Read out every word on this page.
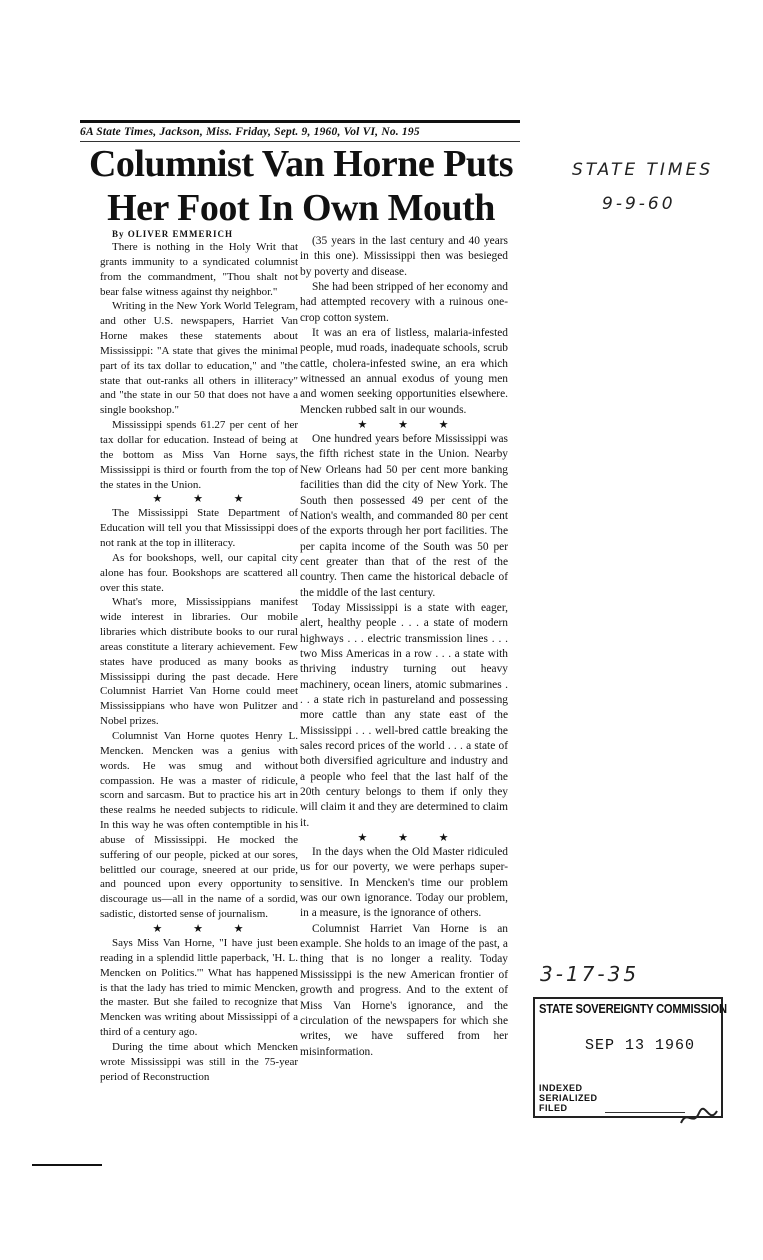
6A State Times, Jackson, Miss. Friday, Sept. 9, 1960, Vol VI, No. 195
Columnist Van Horne Puts
Her Foot In Own Mouth

By OLIVER EMMERICH

There is nothing in the Holy Writ that grants immunity to a syndicated columnist from the commandment, "Thou shalt not bear false witness against thy neighbor."

Writing in the New York World Telegram, and other U.S. newspapers, Harriet Van Horne makes these statements about Mississippi: "A state that gives the minimal part of its tax dollar to education," and "the state that out-ranks all others in illiteracy" and "the state in our 50 that does not have a single bookshop."

Mississippi spends 61.27 per cent of her tax dollar for education. Instead of being at the bottom as Miss Van Horne says, Mississippi is third or fourth from the top of the states in the Union.

★ ★ ★

The Mississippi State Department of Education will tell you that Mississippi does not rank at the top in illiteracy.

As for bookshops, well, our capital city alone has four. Bookshops are scattered all over this state.

What's more, Mississippians manifest wide interest in libraries. Our mobile libraries which distribute books to our rural areas constitute a literary achievement. Few states have produced as many books as Mississippi during the past decade. Here Columnist Harriet Van Horne could meet Mississippians who have won Pulitzer and Nobel prizes.

Columnist Van Horne quotes Henry L. Mencken. Mencken was a genius with words. He was smug and without compassion. He was a master of ridicule, scorn and sarcasm. But to practice his art in these realms he needed subjects to ridicule. In this way he was often contemptible in his abuse of Mississippi. He mocked the suffering of our people, picked at our sores, belittled our courage, sneered at our pride, and pounced upon every opportunity to discourage us—all in the name of a sordid, sadistic, distorted sense of journalism.

★ ★ ★

Says Miss Van Horne, "I have just been reading in a splendid little paperback, 'H. L. Mencken on Politics.'" What has happened is that the lady has tried to mimic Mencken, the master. But she failed to recognize that Mencken was writing about Mississippi of a third of a century ago.

During the time about which Mencken wrote Mississippi was still in the 75-year period of Reconstruction

(35 years in the last century and 40 years in this one). Mississippi then was besieged by poverty and disease.

She had been stripped of her economy and had attempted recovery with a ruinous one-crop cotton system.

It was an era of listless, malaria-infested people, mud roads, inadequate schools, scrub cattle, cholera-infested swine, an era which witnessed an annual exodus of young men and women seeking opportunities elsewhere. Mencken rubbed salt in our wounds.

★ ★ ★

One hundred years before Mississippi was the fifth richest state in the Union. Nearby New Orleans had 50 per cent more banking facilities than did the city of New York. The South then possessed 49 per cent of the Nation's wealth, and commanded 80 per cent of the exports through her port facilities. The per capita income of the South was 50 per cent greater than that of the rest of the country. Then came the historical debacle of the middle of the last century.

Today Mississippi is a state with eager, alert, healthy people . . . a state of modern highways . . . electric transmission lines . . . two Miss Americas in a row . . . a state with thriving industry turning out heavy machinery, ocean liners, atomic submarines . . . a state rich in pastureland and possessing more cattle than any state east of the Mississippi . . . well-bred cattle breaking the sales record prices of the world . . . a state of both diversified agriculture and industry and a people who feel that the last half of the 20th century belongs to them if only they will claim it and they are determined to claim it.

★ ★ ★

In the days when the Old Master ridiculed us for our poverty, we were perhaps super-sensitive. In Mencken's time our problem was our own ignorance. Today our problem, in a measure, is the ignorance of others.

Columnist Harriet Van Horne is an example. She holds to an image of the past, a thing that is no longer a reality. Today Mississippi is the new American frontier of growth and progress. And to the extent of Miss Van Horne's ignorance, and the circulation of the newspapers for which she writes, we have suffered from her misinformation.

STATE TIMES
9-9-60
3-17-35
STATE SOVEREIGNTY COMMISSION
SEP 13 1960
INDEXED
SERIALIZED
FILED
